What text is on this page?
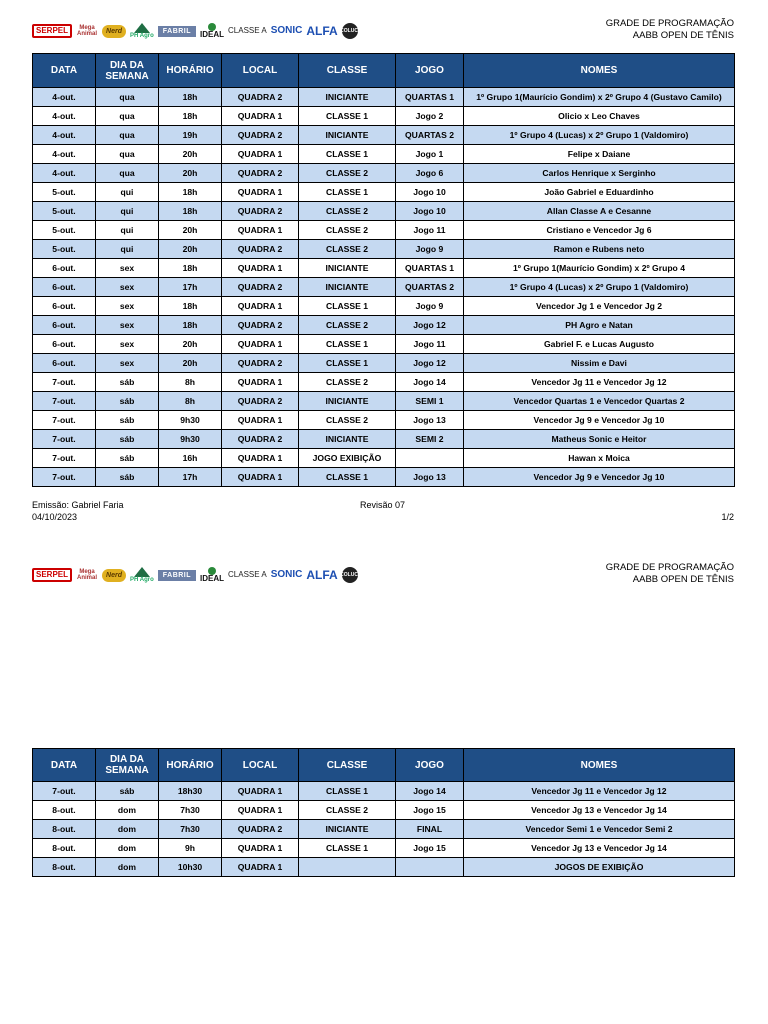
SERPEL	Mega Animal	Nerd
PH Agro
FABRIL	IDEAL CLASSE A SONIC ALFA COLUCI
GRADE DE PROGRAMAÇÃO
AABB OPEN DE TÊNIS
DATA	DIA DA SEMANA	HORÁRIO	LOCAL	CLASSE	JOGO	NOMES
4-out.	qua	18h	QUADRA 2	INICIANTE	QUARTAS 1	1º Grupo 1(Maurício Gondim) x 2º Grupo 4 (Gustavo Camilo)
4-out.	qua	18h	QUADRA 1	CLASSE 1	Jogo 2	Olicio x Leo Chaves
4-out.	qua	19h	QUADRA 2	INICIANTE	QUARTAS 2	1º Grupo 4 (Lucas) x 2º Grupo 1 (Valdomiro)
4-out.	qua	20h	QUADRA 1	CLASSE 1	Jogo 1	Felipe x Daiane
4-out.	qua	20h	QUADRA 2	CLASSE 2	Jogo 6	Carlos Henrique x Serginho
5-out.	qui	18h	QUADRA 1	CLASSE 1	Jogo 10	João Gabriel e Eduardinho
5-out.	qui	18h	QUADRA 2	CLASSE 2	Jogo 10	Allan Classe A e Cesanne
5-out.	qui	20h	QUADRA 1	CLASSE 2	Jogo 11	Cristiano e Vencedor Jg 6
5-out.	qui	20h	QUADRA 2	CLASSE 2	Jogo 9	Ramon e Rubens neto
6-out.	sex	18h	QUADRA 1	INICIANTE	QUARTAS 1	1º Grupo 1(Maurício Gondim) x 2º Grupo 4
6-out.	sex	17h	QUADRA 2	INICIANTE	QUARTAS 2	1º Grupo 4 (Lucas) x 2º Grupo 1 (Valdomiro)
6-out.	sex	18h	QUADRA 1	CLASSE 1	Jogo 9	Vencedor Jg 1 e Vencedor Jg 2
6-out.	sex	18h	QUADRA 2	CLASSE 2	Jogo 12	PH Agro e Natan
6-out.	sex	20h	QUADRA 1	CLASSE 1	Jogo 11	Gabriel F. e Lucas Augusto
6-out.	sex	20h	QUADRA 2	CLASSE 1	Jogo 12	Nissim e Davi
7-out.	sáb	8h	QUADRA 1	CLASSE 2	Jogo 14	Vencedor Jg 11 e Vencedor Jg 12
7-out.	sáb	8h	QUADRA 2	INICIANTE	SEMI 1	Vencedor Quartas 1 e Vencedor Quartas 2
7-out.	sáb	9h30	QUADRA 1	CLASSE 2	Jogo 13	Vencedor Jg 9 e Vencedor Jg 10
7-out.	sáb	9h30	QUADRA 2	INICIANTE	SEMI 2	Matheus Sonic e Heitor
7-out.	sáb	16h	QUADRA 1	JOGO EXIBIÇÃO		Hawan x Moica
7-out.	sáb	17h	QUADRA 1	CLASSE 1	Jogo 13	Vencedor Jg 9 e Vencedor Jg 10
Emissão: Gabriel Faria
04/10/2023
Revisão 07
1/2
SERPEL	Mega Animal	Nerd
PH Agro
FABRIL	IDEAL CLASSE A SONIC ALFA COLUCI
GRADE DE PROGRAMAÇÃO
AABB OPEN DE TÊNIS
DATA	DIA DA SEMANA	HORÁRIO	LOCAL	CLASSE	JOGO	NOMES
7-out.	sáb	18h30	QUADRA 1	CLASSE 1	Jogo 14	Vencedor Jg 11 e Vencedor Jg 12
8-out.	dom	7h30	QUADRA 1	CLASSE 2	Jogo 15	Vencedor Jg 13 e Vencedor Jg 14
8-out.	dom	7h30	QUADRA 2	INICIANTE	FINAL	Vencedor Semi 1 e Vencedor Semi 2
8-out.	dom	9h	QUADRA 1	CLASSE 1	Jogo 15	Vencedor Jg 13 e Vencedor Jg 14
8-out.	dom	10h30	QUADRA 1			JOGOS DE EXIBIÇÃO
